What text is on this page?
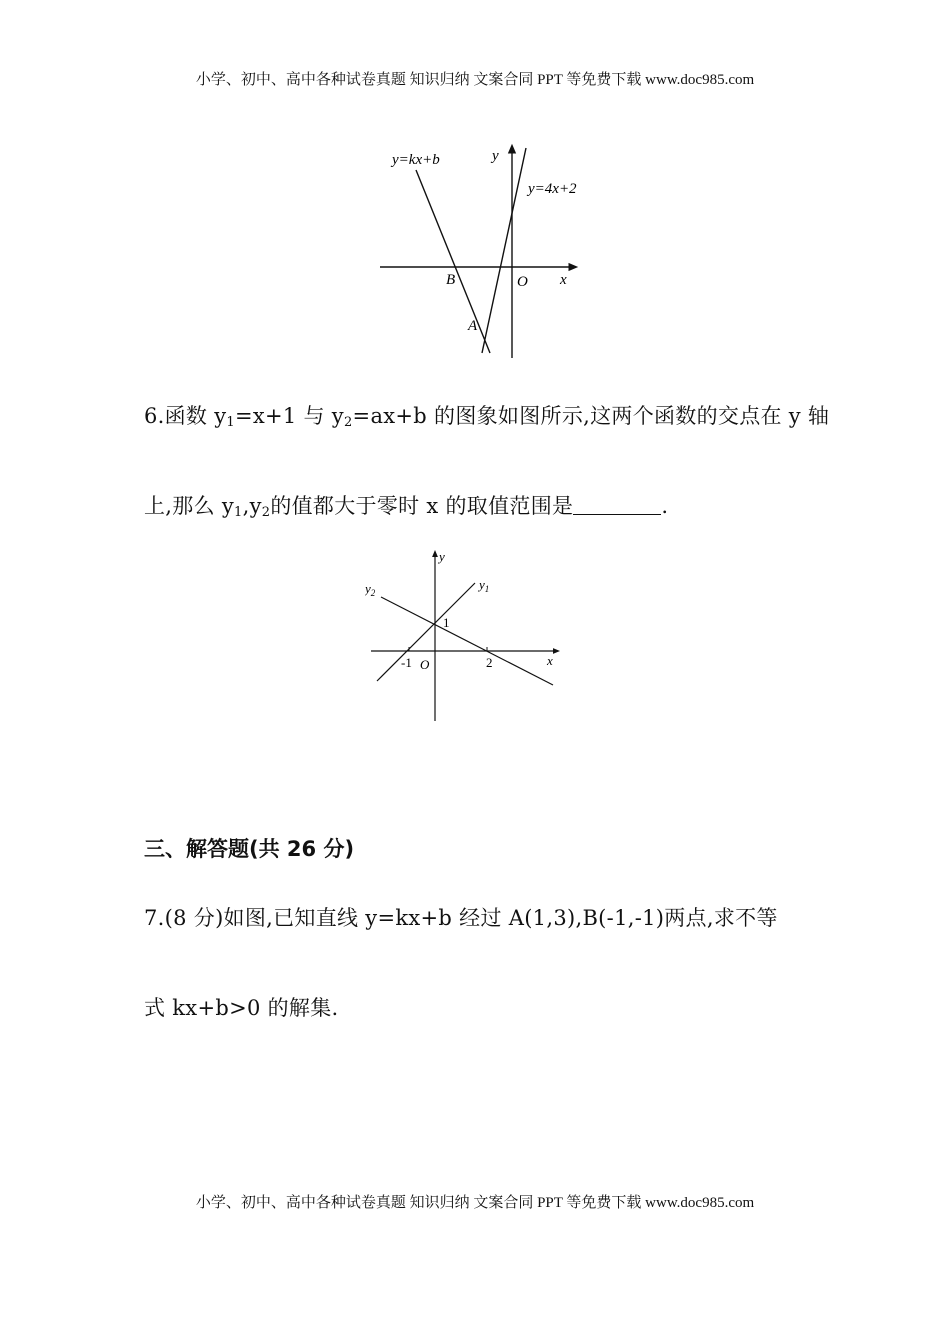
小学、初中、高中各种试卷真题 知识归纳 文案合同 PPT 等免费下载 www.doc985.com
y=kx+b
y=4x+2
y
x
O
B
A
6.函数 $y_1=x+1$ 与 $y_2=ax+b$ 的图象如图所示,这两个函数的交点在 y 轴
上,那么 $y_1,y_2$的值都大于零时 x 的取值范围是	.
y
x
$y_1$
$y_2$
1
-1 O	2
三、解答题(共 26 分)
7.(8 分)如图,已知直线 y=kx+b 经过 A(1,3),B(-1,-1)两点,求不等
式 kx+b>0 的解集.
小学、初中、高中各种试卷真题 知识归纳 文案合同 PPT 等免费下载 www.doc985.com
